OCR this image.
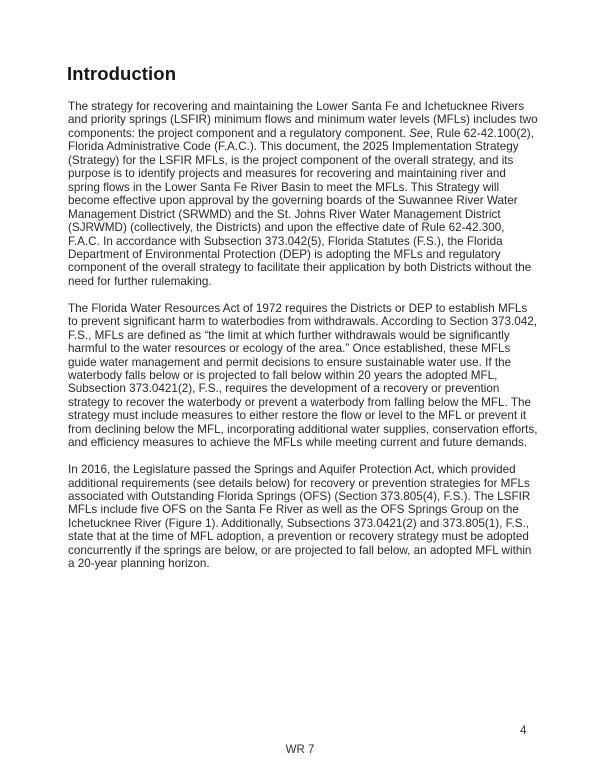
Introduction

The strategy for recovering and maintaining the Lower Santa Fe and Ichetucknee Rivers and priority springs (LSFIR) minimum flows and minimum water levels (MFLs) includes two components: the project component and a regulatory component. See, Rule 62-42.100(2), Florida Administrative Code (F.A.C.). This document, the 2025 Implementation Strategy (Strategy) for the LSFIR MFLs, is the project component of the overall strategy, and its purpose is to identify projects and measures for recovering and maintaining river and spring flows in the Lower Santa Fe River Basin to meet the MFLs. This Strategy will become effective upon approval by the governing boards of the Suwannee River Water Management District (SRWMD) and the St. Johns River Water Management District (SJRWMD) (collectively, the Districts) and upon the effective date of Rule 62-42.300, F.A.C. In accordance with Subsection 373.042(5), Florida Statutes (F.S.), the Florida Department of Environmental Protection (DEP) is adopting the MFLs and regulatory component of the overall strategy to facilitate their application by both Districts without the need for further rulemaking.

The Florida Water Resources Act of 1972 requires the Districts or DEP to establish MFLs to prevent significant harm to waterbodies from withdrawals. According to Section 373.042, F.S., MFLs are defined as “the limit at which further withdrawals would be significantly harmful to the water resources or ecology of the area.” Once established, these MFLs guide water management and permit decisions to ensure sustainable water use. If the waterbody falls below or is projected to fall below within 20 years the adopted MFL, Subsection 373.0421(2), F.S., requires the development of a recovery or prevention strategy to recover the waterbody or prevent a waterbody from falling below the MFL. The strategy must include measures to either restore the flow or level to the MFL or prevent it from declining below the MFL, incorporating additional water supplies, conservation efforts, and efficiency measures to achieve the MFLs while meeting current and future demands.

In 2016, the Legislature passed the Springs and Aquifer Protection Act, which provided additional requirements (see details below) for recovery or prevention strategies for MFLs associated with Outstanding Florida Springs (OFS) (Section 373.805(4), F.S.). The LSFIR MFLs include five OFS on the Santa Fe River as well as the OFS Springs Group on the Ichetucknee River (Figure 1). Additionally, Subsections 373.0421(2) and 373.805(1), F.S., state that at the time of MFL adoption, a prevention or recovery strategy must be adopted concurrently if the springs are below, or are projected to fall below, an adopted MFL within a 20-year planning horizon.

4
WR 7
